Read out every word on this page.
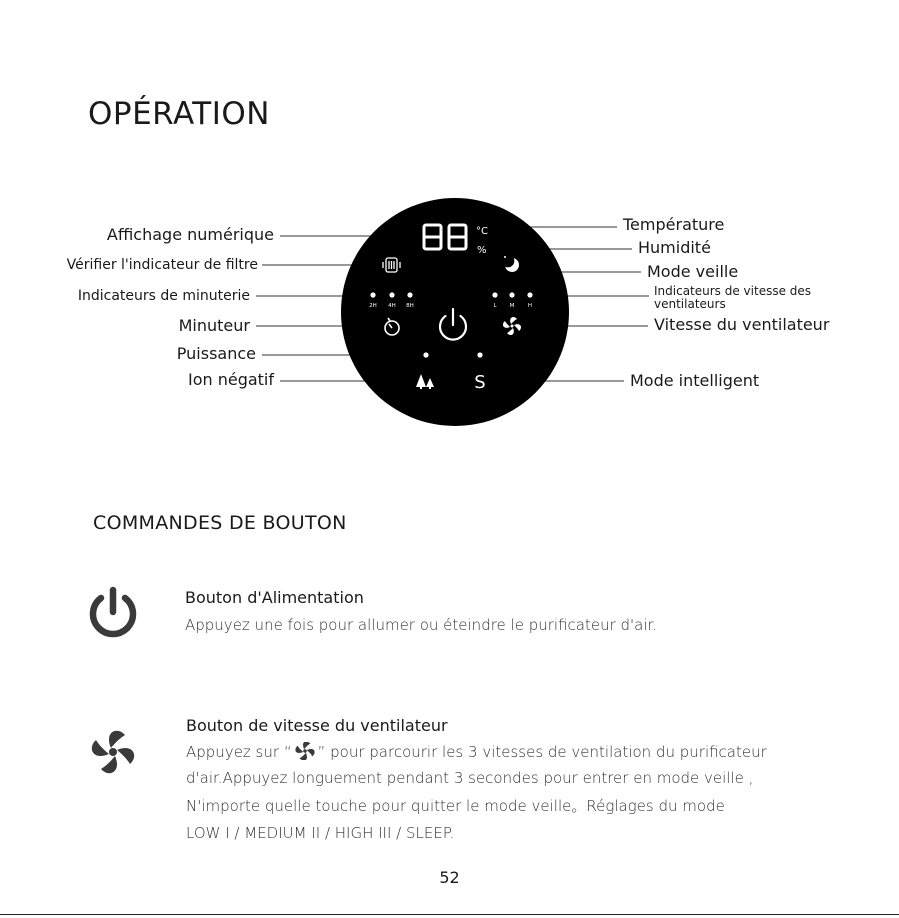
OPÉRATION
°C
%
2H 4H 8H	L M H
S
Affichage numérique
Vérifier l'indicateur de filtre
Indicateurs de minuterie
Minuteur
Puissance
Ion négatif
Température
Humidité
Mode veille
Indicateurs de vitesse des ventilateurs
Vitesse du ventilateur
Mode intelligent
COMMANDES DE BOUTON
Bouton d'Alimentation
Appuyez une fois pour allumer ou éteindre le purificateur d'air.
Bouton de vitesse du ventilateur
Appuyez sur “ ” pour parcourir les 3 vitesses de ventilation du purificateur
d'air.Appuyez longuement pendant 3 secondes pour entrer en mode veille ,
N'importe quelle touche pour quitter le mode veille。Réglages du mode
LOW I / MEDIUM II / HIGH III / SLEEP.
52
